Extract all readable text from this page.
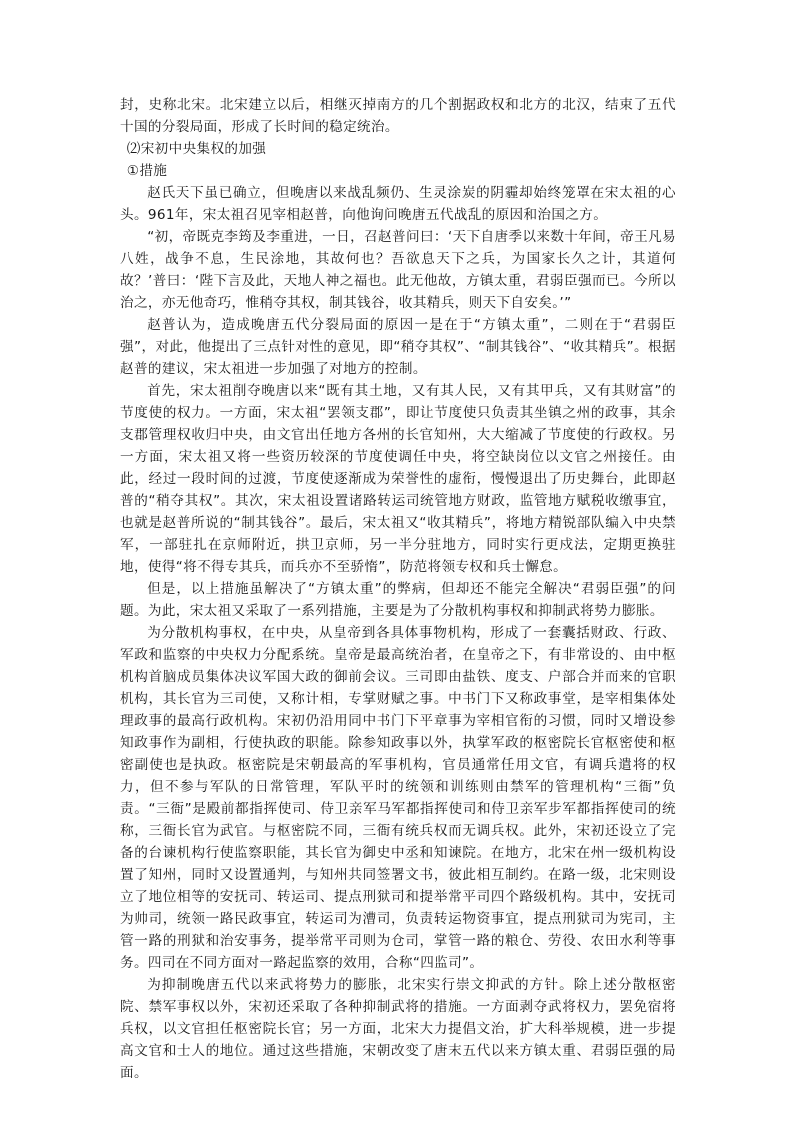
封，史称北宋。北宋建立以后，相继灭掉南方的几个割据政权和北方的北汉，结束了五代十国的分裂局面，形成了长时间的稳定统治。

⑵宋初中央集权的加强

①措施

赵氏天下虽已确立，但晚唐以来战乱频仍、生灵涂炭的阴霾却始终笼罩在宋太祖的心头。961年，宋太祖召见宰相赵普，向他询问晚唐五代战乱的原因和治国之方。

“初，帝既克李筠及李重进，一日，召赵普问曰：‘天下自唐季以来数十年间，帝王凡易八姓，战争不息，生民涂地，其故何也？吾欲息天下之兵，为国家长久之计，其道何故？’普曰：‘陛下言及此，天地人神之福也。此无他故，方镇太重，君弱臣强而已。今所以治之，亦无他奇巧，惟稍夺其权，制其钱谷，收其精兵，则天下自安矣。’”

赵普认为，造成晚唐五代分裂局面的原因一是在于“方镇太重”，二则在于“君弱臣强”，对此，他提出了三点针对性的意见，即“稍夺其权”、“制其钱谷”、“收其精兵”。根据赵普的建议，宋太祖进一步加强了对地方的控制。

首先，宋太祖削夺晚唐以来“既有其土地，又有其人民，又有其甲兵，又有其财富”的节度使的权力。一方面，宋太祖“罢领支郡”，即让节度使只负责其坐镇之州的政事，其余支郡管理权收归中央，由文官出任地方各州的长官知州，大大缩减了节度使的行政权。另一方面，宋太祖又将一些资历较深的节度使调任中央，将空缺岗位以文官之州接任。由此，经过一段时间的过渡，节度使逐渐成为荣誉性的虚衔，慢慢退出了历史舞台，此即赵普的“稍夺其权”。其次，宋太祖设置诸路转运司统管地方财政，监管地方赋税收缴事宜，也就是赵普所说的“制其钱谷”。最后，宋太祖又“收其精兵”，将地方精锐部队编入中央禁军，一部驻扎在京师附近，拱卫京师，另一半分驻地方，同时实行更戍法，定期更换驻地，使得“将不得专其兵，而兵亦不至骄惰”，防范将领专权和兵士懈怠。

但是，以上措施虽解决了“方镇太重”的弊病，但却还不能完全解决“君弱臣强”的问题。为此，宋太祖又采取了一系列措施，主要是为了分散机构事权和抑制武将势力膨胀。

为分散机构事权，在中央，从皇帝到各具体事物机构，形成了一套囊括财政、行政、军政和监察的中央权力分配系统。皇帝是最高统治者，在皇帝之下，有非常设的、由中枢机构首脑成员集体决议军国大政的御前会议。三司即由盐铁、度支、户部合并而来的官职机构，其长官为三司使，又称计相，专掌财赋之事。中书门下又称政事堂，是宰相集体处理政事的最高行政机构。宋初仍沿用同中书门下平章事为宰相官衔的习惯，同时又增设参知政事作为副相，行使执政的职能。除参知政事以外，执掌军政的枢密院长官枢密使和枢密副使也是执政。枢密院是宋朝最高的军事机构，官员通常任用文官，有调兵遣将的权力，但不参与军队的日常管理，军队平时的统领和训练则由禁军的管理机构“三衙”负责。“三衙”是殿前都指挥使司、侍卫亲军马军都指挥使司和侍卫亲军步军都指挥使司的统称，三衙长官为武官。与枢密院不同，三衙有统兵权而无调兵权。此外，宋初还设立了完备的台谏机构行使监察职能，其长官为御史中丞和知谏院。在地方，北宋在州一级机构设置了知州，同时又设置通判，与知州共同签署文书，彼此相互制约。在路一级，北宋则设立了地位相等的安抚司、转运司、提点刑狱司和提举常平司四个路级机构。其中，安抚司为帅司，统领一路民政事宜，转运司为漕司，负责转运物资事宜，提点刑狱司为宪司，主管一路的刑狱和治安事务，提举常平司则为仓司，掌管一路的粮仓、劳役、农田水利等事务。四司在不同方面对一路起监察的效用，合称“四监司”。

为抑制晚唐五代以来武将势力的膨胀，北宋实行崇文抑武的方针。除上述分散枢密院、禁军事权以外，宋初还采取了各种抑制武将的措施。一方面剥夺武将权力，罢免宿将兵权，以文官担任枢密院长官；另一方面，北宋大力提倡文治，扩大科举规模，进一步提高文官和士人的地位。通过这些措施，宋朝改变了唐末五代以来方镇太重、君弱臣强的局面。
